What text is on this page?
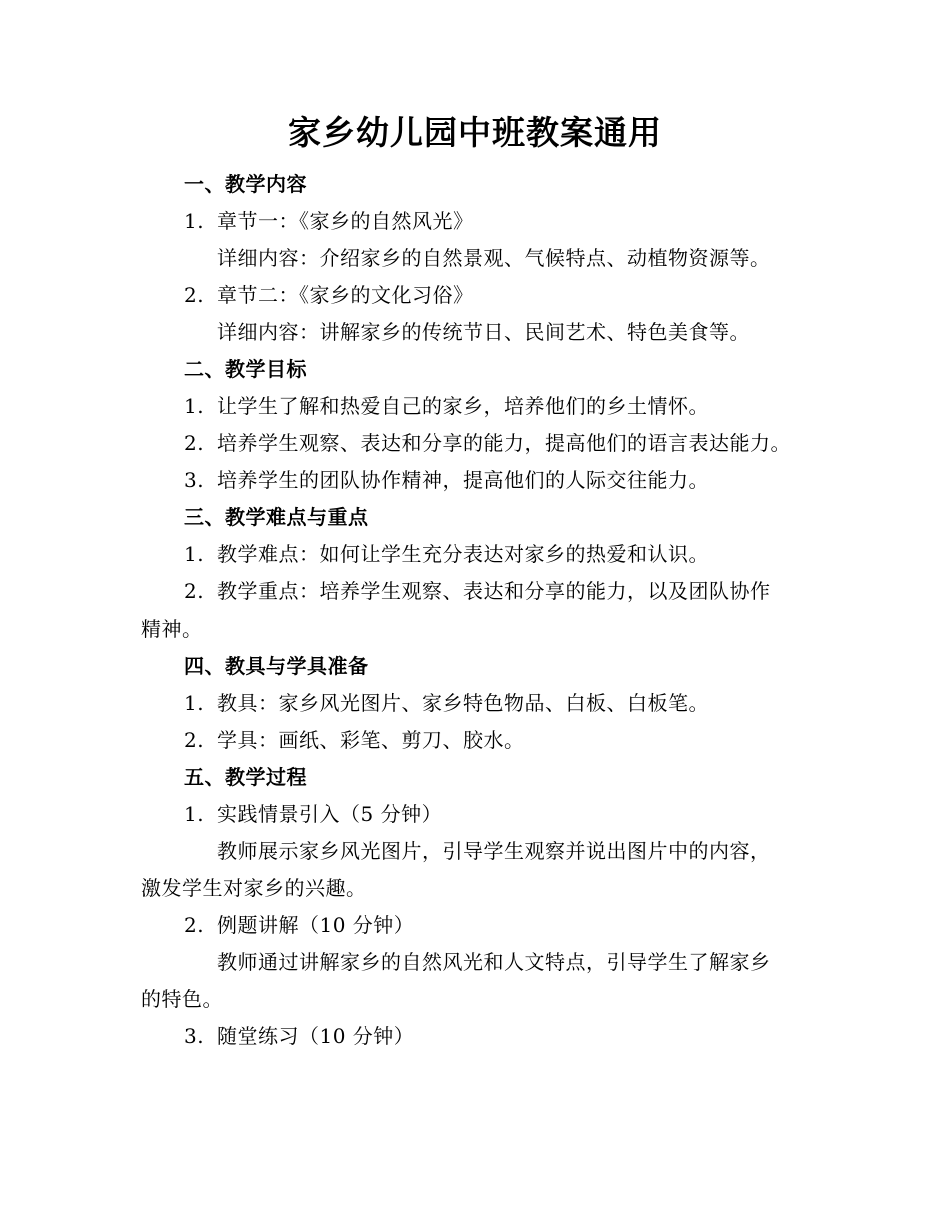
家乡幼儿园中班教案通用
一、教学内容
1. 章节一：《家乡的自然风光》
详细内容：介绍家乡的自然景观、气候特点、动植物资源等。
2. 章节二：《家乡的文化习俗》
详细内容：讲解家乡的传统节日、民间艺术、特色美食等。
二、教学目标
1. 让学生了解和热爱自己的家乡，培养他们的乡土情怀。
2. 培养学生观察、表达和分享的能力，提高他们的语言表达能力。
3. 培养学生的团队协作精神，提高他们的人际交往能力。
三、教学难点与重点
1. 教学难点：如何让学生充分表达对家乡的热爱和认识。
2. 教学重点：培养学生观察、表达和分享的能力，以及团队协作
精神。
四、教具与学具准备
1. 教具：家乡风光图片、家乡特色物品、白板、白板笔。
2. 学具：画纸、彩笔、剪刀、胶水。
五、教学过程
1. 实践情景引入（5 分钟）
教师展示家乡风光图片，引导学生观察并说出图片中的内容，
激发学生对家乡的兴趣。
2. 例题讲解（10 分钟）
教师通过讲解家乡的自然风光和人文特点，引导学生了解家乡
的特色。
3. 随堂练习（10 分钟）
